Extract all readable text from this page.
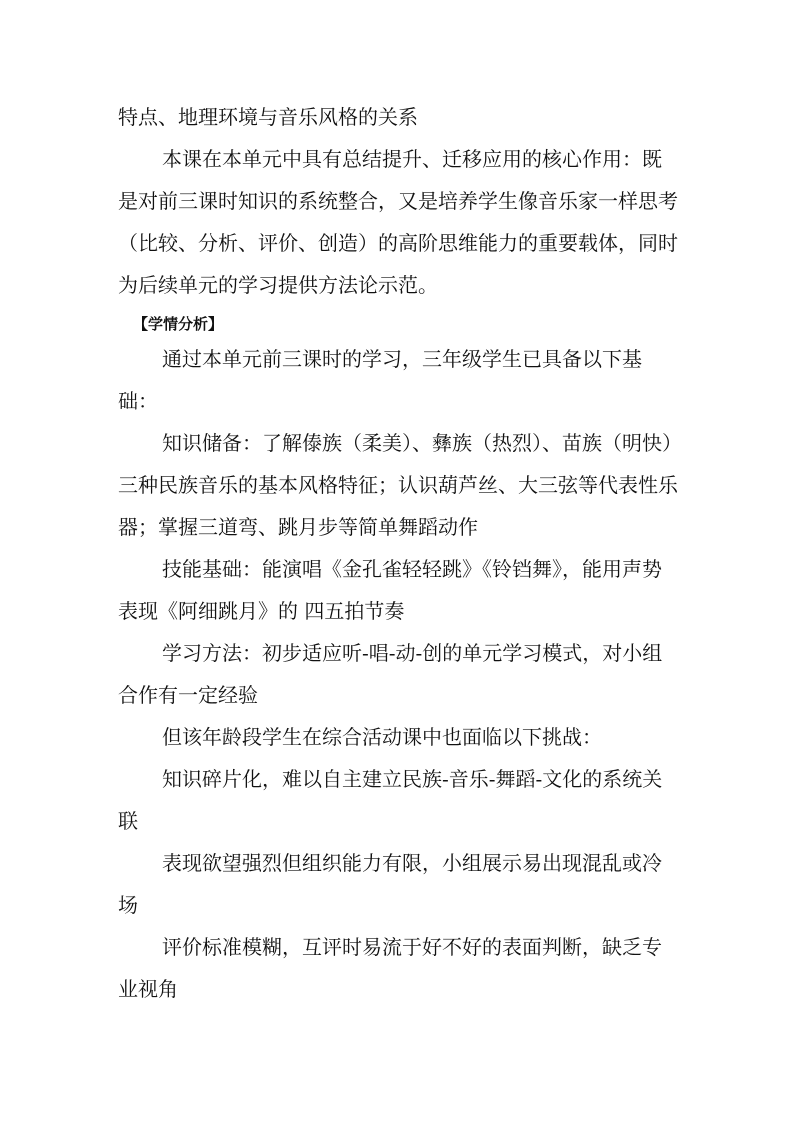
特点、地理环境与音乐风格的关系

本课在本单元中具有总结提升、迁移应用的核心作用：既是对前三课时知识的系统整合，又是培养学生像音乐家一样思考（比较、分析、评价、创造）的高阶思维能力的重要载体，同时为后续单元的学习提供方法论示范。

【学情分析】

通过本单元前三课时的学习，三年级学生已具备以下基础：

知识储备：了解傣族（柔美）、彝族（热烈）、苗族（明快）三种民族音乐的基本风格特征；认识葫芦丝、大三弦等代表性乐器；掌握三道弯、跳月步等简单舞蹈动作

技能基础：能演唱《金孔雀轻轻跳》《铃铛舞》，能用声势表现《阿细跳月》的 四五拍节奏

学习方法：初步适应听-唱-动-创的单元学习模式，对小组合作有一定经验

但该年龄段学生在综合活动课中也面临以下挑战：

知识碎片化，难以自主建立民族-音乐-舞蹈-文化的系统关联

表现欲望强烈但组织能力有限，小组展示易出现混乱或冷场

评价标准模糊，互评时易流于好不好的表面判断，缺乏专业视角
